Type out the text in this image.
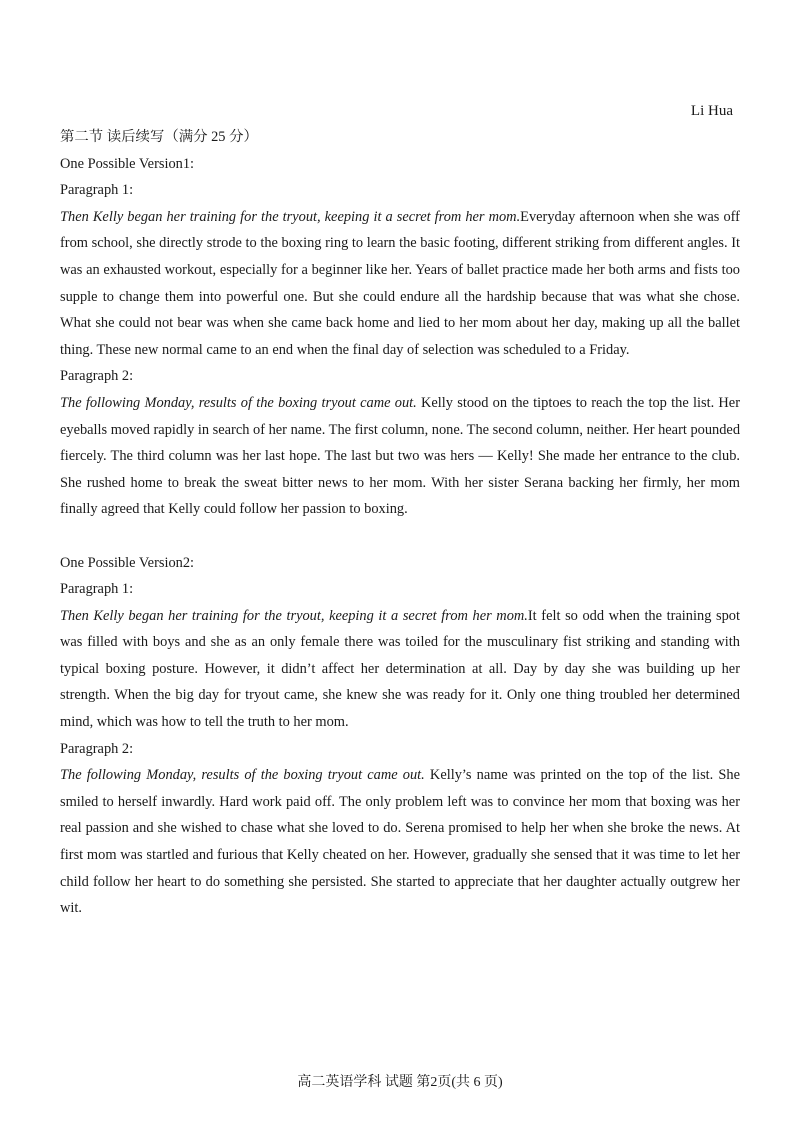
Li Hua
第二节 读后续写（满分 25 分）
One Possible Version1:
Paragraph 1:
Then Kelly began her training for the tryout, keeping it a secret from her mom.Everyday afternoon when she was off from school, she directly strode to the boxing ring to learn the basic footing, different striking from different angles. It was an exhausted workout, especially for a beginner like her. Years of ballet practice made her both arms and fists too supple to change them into powerful one. But she could endure all the hardship because that was what she chose. What she could not bear was when she came back home and lied to her mom about her day, making up all the ballet thing. These new normal came to an end when the final day of selection was scheduled to a Friday.
Paragraph 2:
The following Monday, results of the boxing tryout came out. Kelly stood on the tiptoes to reach the top the list. Her eyeballs moved rapidly in search of her name. The first column, none. The second column, neither. Her heart pounded fiercely. The third column was her last hope. The last but two was hers — Kelly! She made her entrance to the club. She rushed home to break the sweat bitter news to her mom. With her sister Serana backing her firmly, her mom finally agreed that Kelly could follow her passion to boxing.
One Possible Version2:
Paragraph 1:
Then Kelly began her training for the tryout, keeping it a secret from her mom.It felt so odd when the training spot was filled with boys and she as an only female there was toiled for the musculinary fist striking and standing with typical boxing posture. However, it didn’t affect her determination at all. Day by day she was building up her strength. When the big day for tryout came, she knew she was ready for it. Only one thing troubled her determined mind, which was how to tell the truth to her mom.
Paragraph 2:
The following Monday, results of the boxing tryout came out. Kelly’s name was printed on the top of the list. She smiled to herself inwardly. Hard work paid off. The only problem left was to convince her mom that boxing was her real passion and she wished to chase what she loved to do. Serena promised to help her when she broke the news. At first mom was startled and furious that Kelly cheated on her. However, gradually she sensed that it was time to let her child follow her heart to do something she persisted. She started to appreciate that her daughter actually outgrew her wit.
高二英语学科 试题 第2页(共 6 页)
